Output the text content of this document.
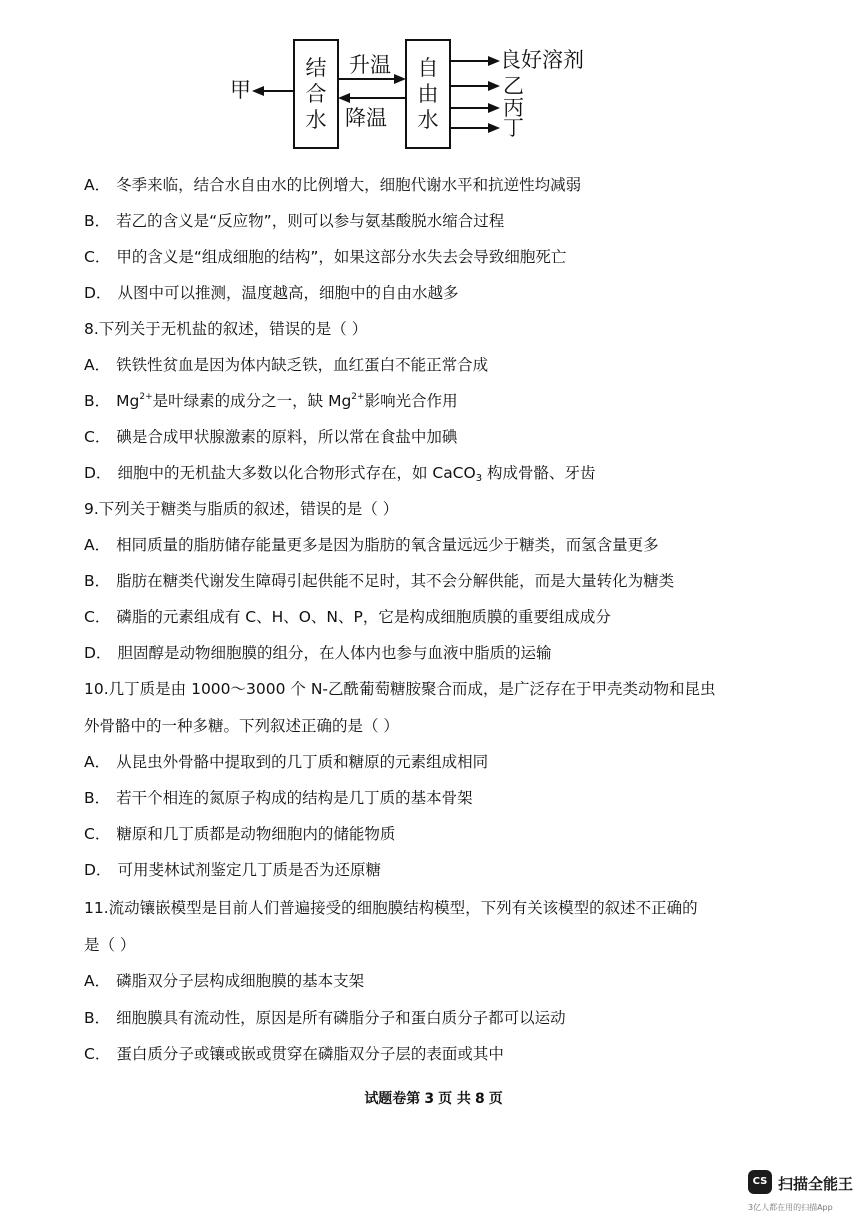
甲
结
合
水
自
由
水
升温
降温
良好溶剂
乙
丙
丁
A． 冬季来临，结合水自由水的比例增大，细胞代谢水平和抗逆性均减弱
B． 若乙的含义是“反应物”，则可以参与氨基酸脱水缩合过程
C． 甲的含义是“组成细胞的结构”，如果这部分水失去会导致细胞死亡
D． 从图中可以推测，温度越高，细胞中的自由水越多
8.下列关于无机盐的叙述，错误的是（ ）
A． 铁铁性贫血是因为体内缺乏铁，血红蛋白不能正常合成
B． $Mg^{2+}$是叶绿素的成分之一，缺 $Mg^{2+}$影响光合作用
C． 碘是合成甲状腺激素的原料，所以常在食盐中加碘
D． 细胞中的无机盐大多数以化合物形式存在，如 CaCO$_3$ 构成骨骼、牙齿
9.下列关于糖类与脂质的叙述，错误的是（ ）
A． 相同质量的脂肪储存能量更多是因为脂肪的氧含量远远少于糖类，而氢含量更多
B． 脂肪在糖类代谢发生障碍引起供能不足时，其不会分解供能，而是大量转化为糖类
C． 磷脂的元素组成有 C、H、O、N、P，它是构成细胞质膜的重要组成成分
D． 胆固醇是动物细胞膜的组分，在人体内也参与血液中脂质的运输
10.几丁质是由 1000～3000 个 N-乙酰葡萄糖胺聚合而成，是广泛存在于甲壳类动物和昆虫
外骨骼中的一种多糖。下列叙述正确的是（ ）
A． 从昆虫外骨骼中提取到的几丁质和糖原的元素组成相同
B． 若干个相连的氮原子构成的结构是几丁质的基本骨架
C． 糖原和几丁质都是动物细胞内的储能物质
D． 可用斐林试剂鉴定几丁质是否为还原糖
11.流动镶嵌模型是目前人们普遍接受的细胞膜结构模型，下列有关该模型的叙述不正确的
是（ ）
A． 磷脂双分子层构成细胞膜的基本支架
B． 细胞膜具有流动性，原因是所有磷脂分子和蛋白质分子都可以运动
C． 蛋白质分子或镶或嵌或贯穿在磷脂双分子层的表面或其中
试题卷第 3 页 共 8 页
CS 扫描全能王
3亿人都在用的扫描App
